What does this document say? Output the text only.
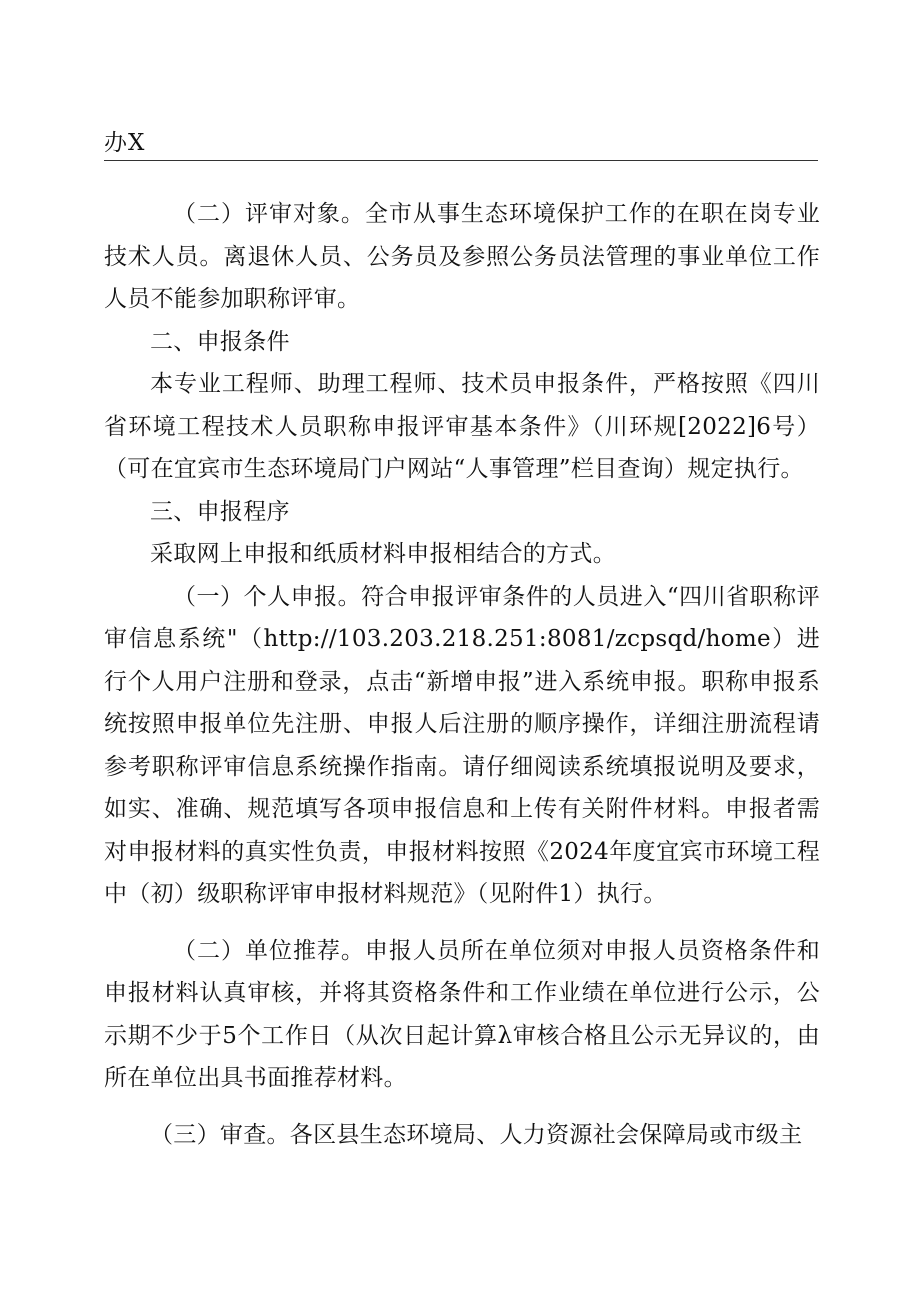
办X

（二）评审对象。全市从事生态环境保护工作的在职在岗专业技术人员。离退休人员、公务员及参照公务员法管理的事业单位工作人员不能参加职称评审。

二、申报条件

本专业工程师、助理工程师、技术员申报条件，严格按照《四川省环境工程技术人员职称申报评审基本条件》（川环规[2022]6号）（可在宜宾市生态环境局门户网站“人事管理”栏目查询）规定执行。

三、申报程序

采取网上申报和纸质材料申报相结合的方式。

（一）个人申报。符合申报评审条件的人员进入“四川省职称评审信息系统"（http://103.203.218.251:8081/zcpsqd/home）进行个人用户注册和登录，点击“新增申报”进入系统申报。职称申报系统按照申报单位先注册、申报人后注册的顺序操作，详细注册流程请参考职称评审信息系统操作指南。请仔细阅读系统填报说明及要求，如实、准确、规范填写各项申报信息和上传有关附件材料。申报者需对申报材料的真实性负责，申报材料按照《2024年度宜宾市环境工程中（初）级职称评审申报材料规范》（见附件1）执行。

（二）单位推荐。申报人员所在单位须对申报人员资格条件和申报材料认真审核，并将其资格条件和工作业绩在单位进行公示，公示期不少于5个工作日（从次日起计算λ审核合格且公示无异议的，由所在单位出具书面推荐材料。

（三）审查。各区县生态环境局、人力资源社会保障局或市级主
